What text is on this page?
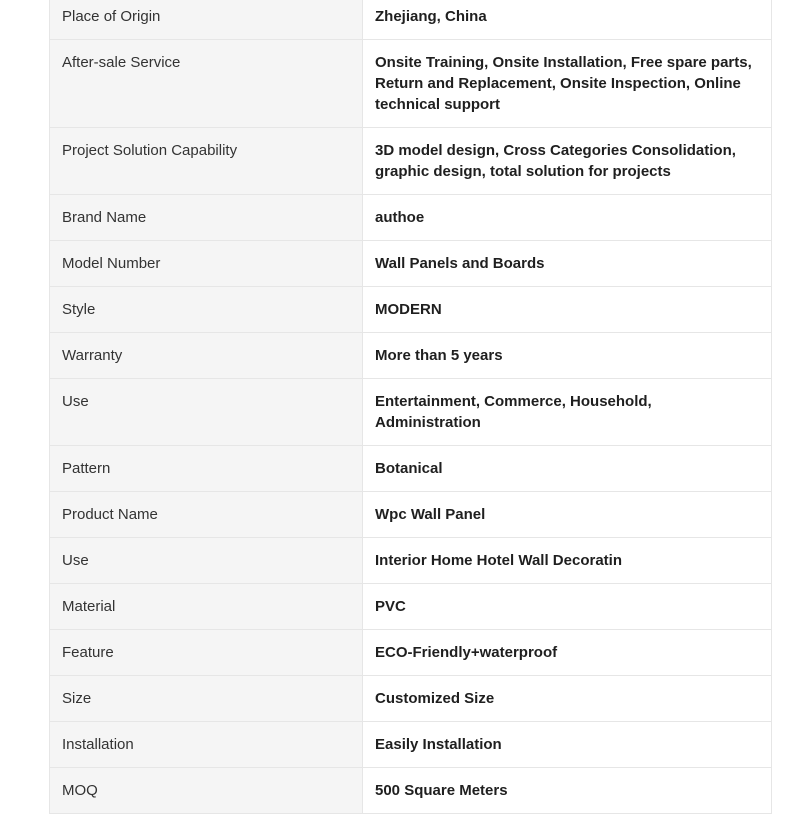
Place of Origin	Zhejiang, China
After-sale Service	Onsite Training, Onsite Installation, Free spare parts, Return and Replacement, Onsite Inspection, Online technical support
Project Solution Capability	3D model design, Cross Categories Consolidation, graphic design, total solution for projects
Brand Name	authoe
Model Number	Wall Panels and Boards
Style	MODERN
Warranty	More than 5 years
Use	Entertainment, Commerce, Household, Administration
Pattern	Botanical
Product Name	Wpc Wall Panel
Use	Interior Home Hotel Wall Decoratin
Material	PVC
Feature	ECO-Friendly+waterproof
Size	Customized Size
Installation	Easily Installation
MOQ	500 Square Meters
